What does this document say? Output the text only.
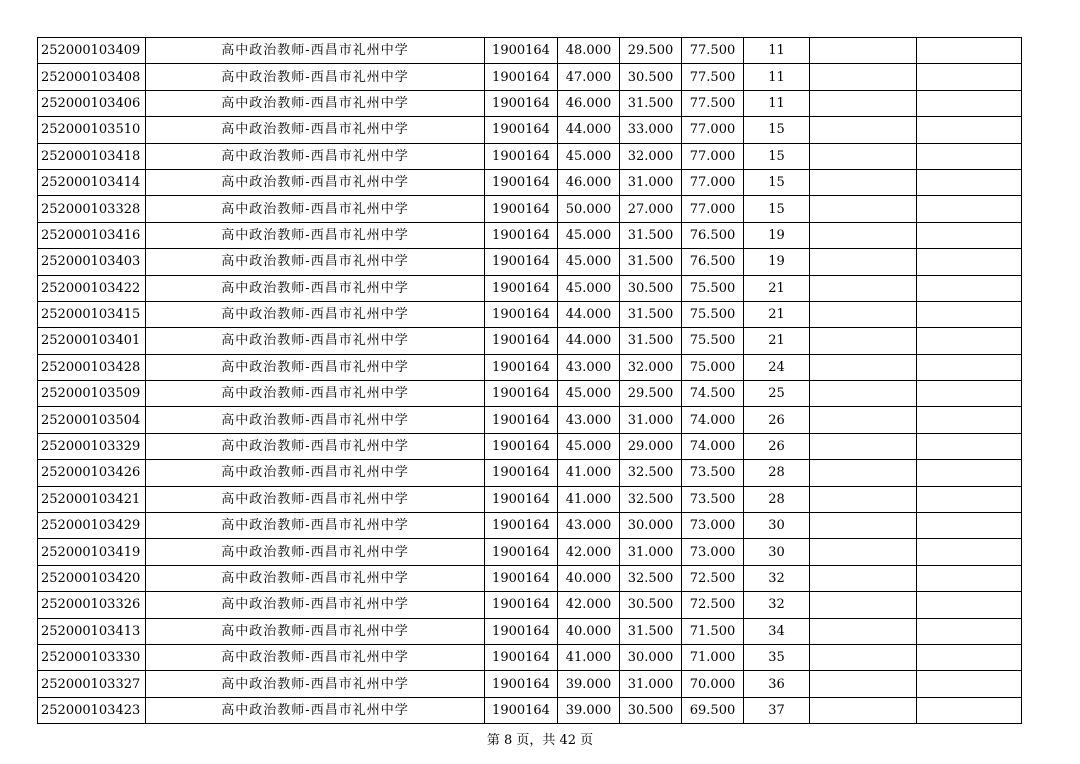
252000103409	高中政治教师-西昌市礼州中学	1900164	48.000	29.500	77.500	11		
252000103408	高中政治教师-西昌市礼州中学	1900164	47.000	30.500	77.500	11		
252000103406	高中政治教师-西昌市礼州中学	1900164	46.000	31.500	77.500	11		
252000103510	高中政治教师-西昌市礼州中学	1900164	44.000	33.000	77.000	15		
252000103418	高中政治教师-西昌市礼州中学	1900164	45.000	32.000	77.000	15		
252000103414	高中政治教师-西昌市礼州中学	1900164	46.000	31.000	77.000	15		
252000103328	高中政治教师-西昌市礼州中学	1900164	50.000	27.000	77.000	15		
252000103416	高中政治教师-西昌市礼州中学	1900164	45.000	31.500	76.500	19		
252000103403	高中政治教师-西昌市礼州中学	1900164	45.000	31.500	76.500	19		
252000103422	高中政治教师-西昌市礼州中学	1900164	45.000	30.500	75.500	21		
252000103415	高中政治教师-西昌市礼州中学	1900164	44.000	31.500	75.500	21		
252000103401	高中政治教师-西昌市礼州中学	1900164	44.000	31.500	75.500	21		
252000103428	高中政治教师-西昌市礼州中学	1900164	43.000	32.000	75.000	24		
252000103509	高中政治教师-西昌市礼州中学	1900164	45.000	29.500	74.500	25		
252000103504	高中政治教师-西昌市礼州中学	1900164	43.000	31.000	74.000	26		
252000103329	高中政治教师-西昌市礼州中学	1900164	45.000	29.000	74.000	26		
252000103426	高中政治教师-西昌市礼州中学	1900164	41.000	32.500	73.500	28		
252000103421	高中政治教师-西昌市礼州中学	1900164	41.000	32.500	73.500	28		
252000103429	高中政治教师-西昌市礼州中学	1900164	43.000	30.000	73.000	30		
252000103419	高中政治教师-西昌市礼州中学	1900164	42.000	31.000	73.000	30		
252000103420	高中政治教师-西昌市礼州中学	1900164	40.000	32.500	72.500	32		
252000103326	高中政治教师-西昌市礼州中学	1900164	42.000	30.500	72.500	32		
252000103413	高中政治教师-西昌市礼州中学	1900164	40.000	31.500	71.500	34		
252000103330	高中政治教师-西昌市礼州中学	1900164	41.000	30.000	71.000	35		
252000103327	高中政治教师-西昌市礼州中学	1900164	39.000	31.000	70.000	36		
252000103423	高中政治教师-西昌市礼州中学	1900164	39.000	30.500	69.500	37		
第 8 页，共 42 页
